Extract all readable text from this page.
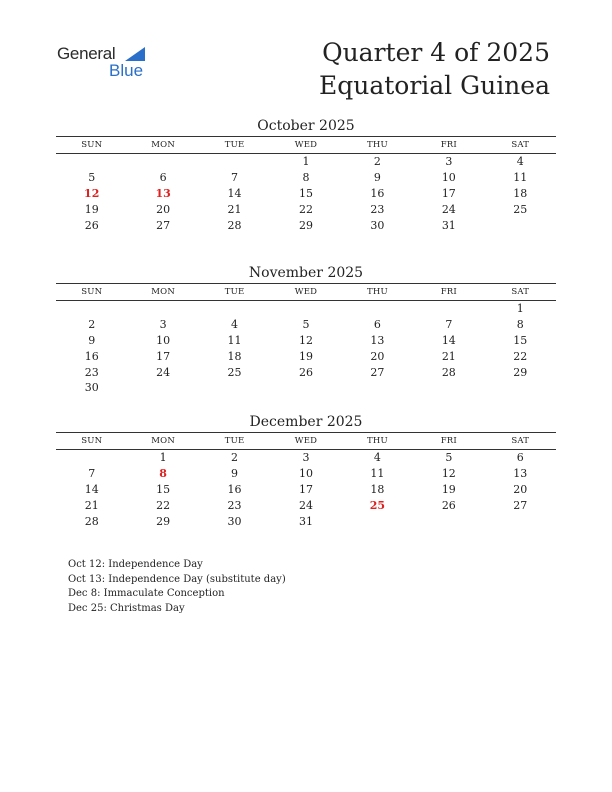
General
Blue
Quarter 4 of 2025
Equatorial Guinea
October 2025
SUN	MON	TUE	WED	THU	FRI	SAT
			1	2	3	4
5	6	7	8	9	10	11
12	13	14	15	16	17	18
19	20	21	22	23	24	25
26	27	28	29	30	31	
November 2025
SUN	MON	TUE	WED	THU	FRI	SAT
						1
2	3	4	5	6	7	8
9	10	11	12	13	14	15
16	17	18	19	20	21	22
23	24	25	26	27	28	29
30						
December 2025
SUN	MON	TUE	WED	THU	FRI	SAT
	1	2	3	4	5	6
7	8	9	10	11	12	13
14	15	16	17	18	19	20
21	22	23	24	25	26	27
28	29	30	31			
Oct 12: Independence Day
Oct 13: Independence Day (substitute day)
Dec 8: Immaculate Conception
Dec 25: Christmas Day
